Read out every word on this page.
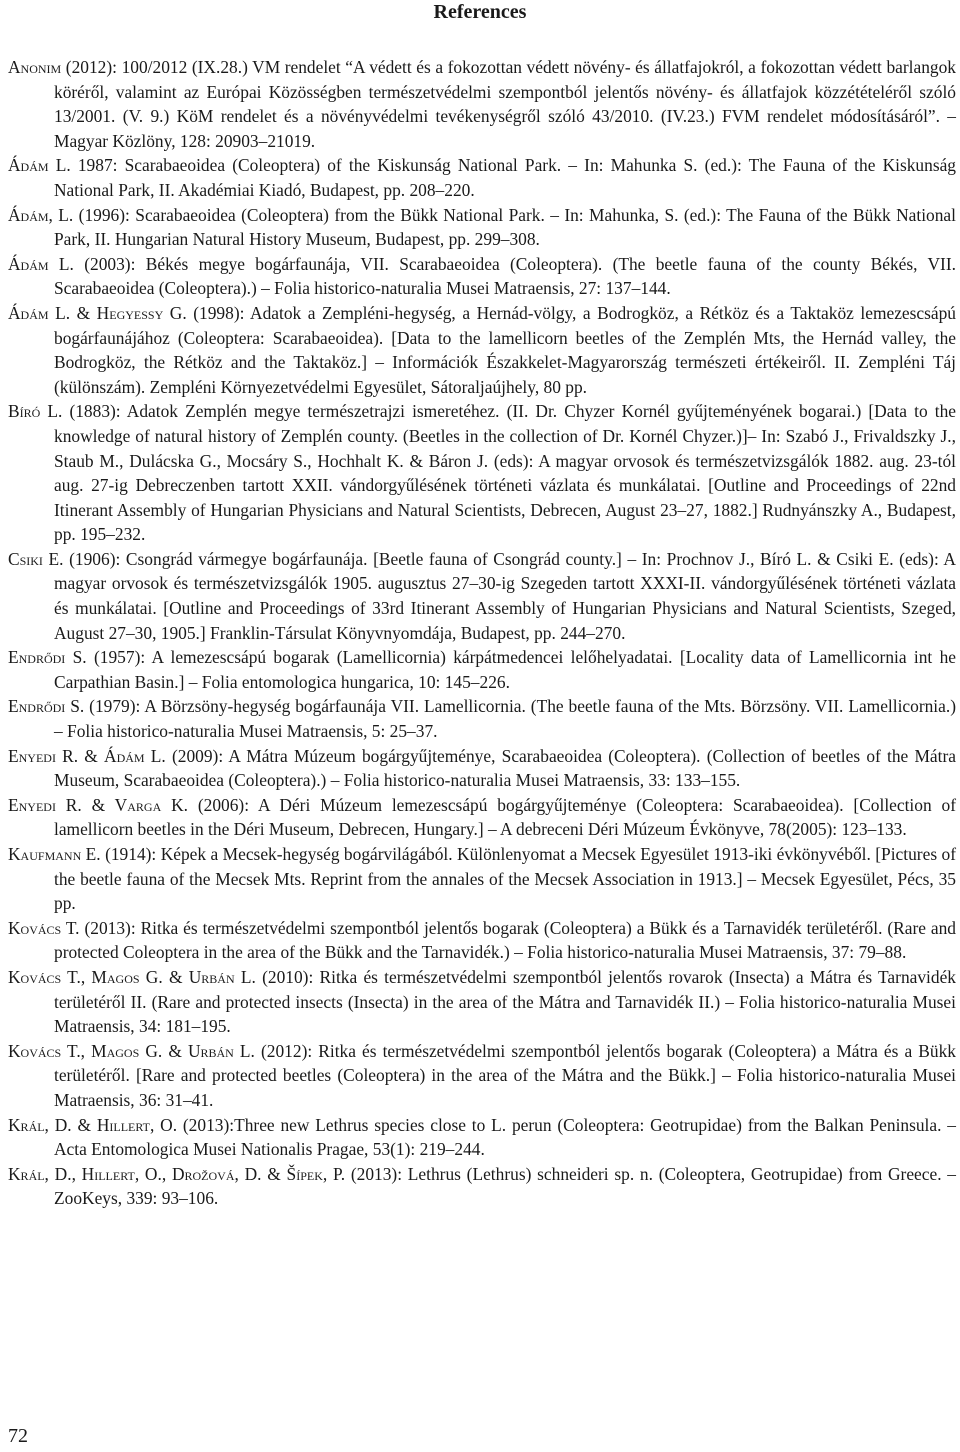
References

Anonim (2012): 100/2012 (IX.28.) VM rendelet “A védett és a fokozottan védett növény- és állatfajokról, a fokozottan védett barlangok köréről, valamint az Európai Közösségben természetvédelmi szempontból jelentős növény- és állatfajok közzétételéről szóló 13/2001. (V. 9.) KöM rendelet és a növényvédelmi tevékenységről szóló 43/2010. (IV.23.) FVM rendelet módosításáról”. – Magyar Közlöny, 128: 20903–21019.

Ádám L. 1987: Scarabaeoidea (Coleoptera) of the Kiskunság National Park. – In: Mahunka S. (ed.): The Fauna of the Kiskunság National Park, II. Akadémiai Kiadó, Budapest, pp. 208–220.

Ádám, L. (1996): Scarabaeoidea (Coleoptera) from the Bükk National Park. – In: Mahunka, S. (ed.): The Fauna of the Bükk National Park, II. Hungarian Natural History Museum, Budapest, pp. 299–308.

Ádám L. (2003): Békés megye bogárfaunája, VII. Scarabaeoidea (Coleoptera). (The beetle fauna of the county Békés, VII. Scarabaeoidea (Coleoptera).) – Folia historico-naturalia Musei Matraensis, 27: 137–144.

Ádám L. & Hegyessy G. (1998): Adatok a Zempléni-hegység, a Hernád-völgy, a Bodrogköz, a Rétköz és a Taktaköz lemezescsápú bogárfaunájához (Coleoptera: Scarabaeoidea). [Data to the lamellicorn beetles of the Zemplén Mts, the Hernád valley, the Bodrogköz, the Rétköz and the Taktaköz.] – Információk Északkelet-Magyarország természeti értékeiről. II. Zempléni Táj (különszám). Zempléni Környezetvédelmi Egyesület, Sátoraljaújhely, 80 pp.

Bíró L. (1883): Adatok Zemplén megye természetrajzi ismeretéhez. (II. Dr. Chyzer Kornél gyűjteményének bogarai.) [Data to the knowledge of natural history of Zemplén county. (Beetles in the collection of Dr. Kornél Chyzer.)]– In: Szabó J., Frivaldszky J., Staub M., Dulácska G., Mocsáry S., Hochhalt K. & Báron J. (eds): A magyar orvosok és természetvizsgálók 1882. aug. 23-tól aug. 27-ig Debreczenben tartott XXII. vándorgyűlésének történeti vázlata és munkálatai. [Outline and Proceedings of 22nd Itinerant Assembly of Hungarian Physicians and Natural Scientists, Debrecen, August 23–27, 1882.] Rudnyánszky A., Budapest, pp. 195–232.

Csiki E. (1906): Csongrád vármegye bogárfaunája. [Beetle fauna of Csongrád county.] – In: Prochnov J., Bíró L. & Csiki E. (eds): A magyar orvosok és természetvizsgálók 1905. augusztus 27–30-ig Szegeden tartott XXXI-II. vándorgyűlésének történeti vázlata és munkálatai. [Outline and Proceedings of 33rd Itinerant Assembly of Hungarian Physicians and Natural Scientists, Szeged, August 27–30, 1905.] Franklin-Társulat Könyvnyomdája, Budapest, pp. 244–270.

Endrődi S. (1957): A lemezescsápú bogarak (Lamellicornia) kárpátmedencei lelőhelyadatai. [Locality data of Lamellicornia int he Carpathian Basin.] – Folia entomologica hungarica, 10: 145–226.

Endrődi S. (1979): A Börzsöny-hegység bogárfaunája VII. Lamellicornia. (The beetle fauna of the Mts. Börzsöny. VII. Lamellicornia.) – Folia historico-naturalia Musei Matraensis, 5: 25–37.

Enyedi R. & Ádám L. (2009): A Mátra Múzeum bogárgyűjteménye, Scarabaeoidea (Coleoptera). (Collection of beetles of the Mátra Museum, Scarabaeoidea (Coleoptera).) – Folia historico-naturalia Musei Matraensis, 33: 133–155.

Enyedi R. & Varga K. (2006): A Déri Múzeum lemezescsápú bogárgyűjteménye (Coleoptera: Scarabaeoidea). [Collection of lamellicorn beetles in the Déri Museum, Debrecen, Hungary.] – A debreceni Déri Múzeum Évkönyve, 78(2005): 123–133.

Kaufmann E. (1914): Képek a Mecsek-hegység bogárvilágából. Különlenyomat a Mecsek Egyesület 1913-iki évkönyvéből. [Pictures of the beetle fauna of the Mecsek Mts. Reprint from the annales of the Mecsek Association in 1913.] – Mecsek Egyesület, Pécs, 35 pp.

Kovács T. (2013): Ritka és természetvédelmi szempontból jelentős bogarak (Coleoptera) a Bükk és a Tarnavidék területéről. (Rare and protected Coleoptera in the area of the Bükk and the Tarnavidék.) – Folia historico-naturalia Musei Matraensis, 37: 79–88.

Kovács T., Magos G. & Urbán L. (2010): Ritka és természetvédelmi szempontból jelentős rovarok (Insecta) a Mátra és Tarnavidék területéről II. (Rare and protected insects (Insecta) in the area of the Mátra and Tarnavidék II.) – Folia historico-naturalia Musei Matraensis, 34: 181–195.

Kovács T., Magos G. & Urbán L. (2012): Ritka és természetvédelmi szempontból jelentős bogarak (Coleoptera) a Mátra és a Bükk területéről. [Rare and protected beetles (Coleoptera) in the area of the Mátra and the Bükk.] – Folia historico-naturalia Musei Matraensis, 36: 31–41.

Král, D. & Hillert, O. (2013):Three new Lethrus species close to L. perun (Coleoptera: Geotrupidae) from the Balkan Peninsula. – Acta Entomologica Musei Nationalis Pragae, 53(1): 219–244.

Král, D., Hillert, O., Drožová, D. & Šípek, P. (2013): Lethrus (Lethrus) schneideri sp. n. (Coleoptera, Geotrupidae) from Greece. – ZooKeys, 339: 93–106.

72
